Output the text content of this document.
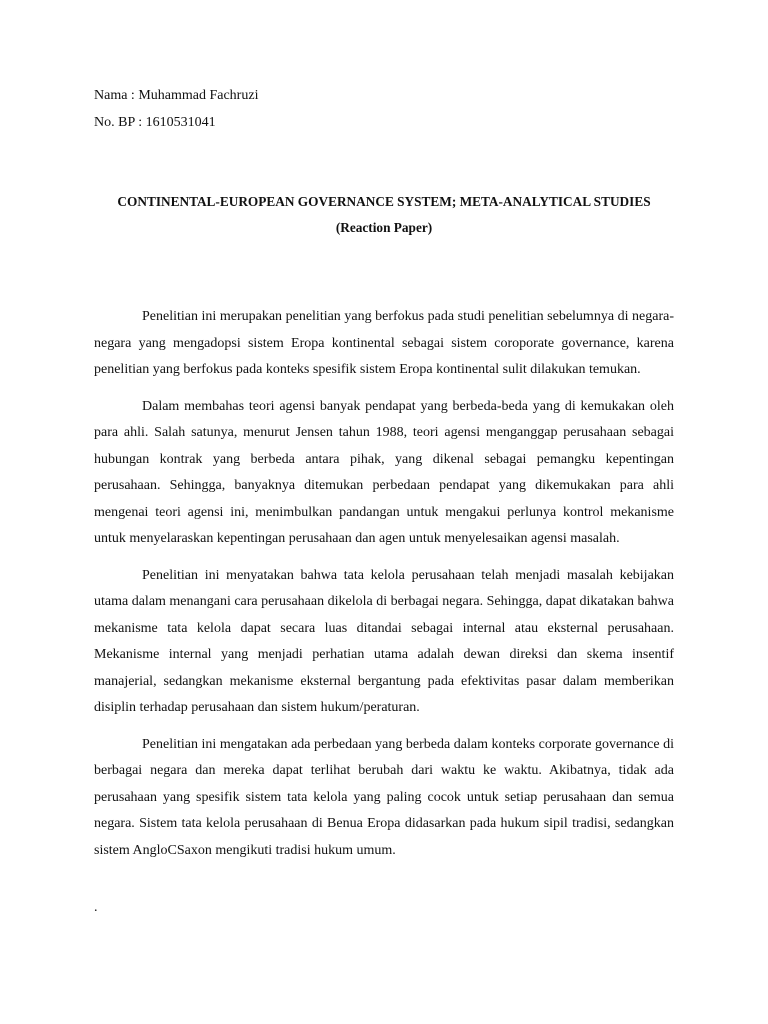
Nama : Muhammad Fachruzi
No. BP : 1610531041
CONTINENTAL-EUROPEAN GOVERNANCE SYSTEM; META-ANALYTICAL STUDIES
(Reaction Paper)

Penelitian ini merupakan penelitian yang berfokus pada studi penelitian sebelumnya di negara-negara yang mengadopsi sistem Eropa kontinental sebagai sistem coroporate governance, karena penelitian yang berfokus pada konteks spesifik sistem Eropa kontinental sulit dilakukan temukan.

Dalam membahas teori agensi banyak pendapat yang berbeda-beda yang di kemukakan oleh para ahli. Salah satunya, menurut Jensen tahun 1988, teori agensi menganggap perusahaan sebagai hubungan kontrak yang berbeda antara pihak, yang dikenal sebagai pemangku kepentingan perusahaan. Sehingga, banyaknya ditemukan perbedaan pendapat yang dikemukakan para ahli mengenai teori agensi ini, menimbulkan pandangan untuk mengakui perlunya kontrol mekanisme untuk menyelaraskan kepentingan perusahaan dan agen untuk menyelesaikan agensi masalah.

Penelitian ini menyatakan bahwa tata kelola perusahaan telah menjadi masalah kebijakan utama dalam menangani cara perusahaan dikelola di berbagai negara. Sehingga, dapat dikatakan bahwa mekanisme tata kelola dapat secara luas ditandai sebagai internal atau eksternal perusahaan. Mekanisme internal yang menjadi perhatian utama adalah dewan direksi dan skema insentif manajerial, sedangkan mekanisme eksternal bergantung pada efektivitas pasar dalam memberikan disiplin terhadap perusahaan dan sistem hukum/peraturan.

Penelitian ini mengatakan ada perbedaan yang berbeda dalam konteks corporate governance di berbagai negara dan mereka dapat terlihat berubah dari waktu ke waktu. Akibatnya, tidak ada perusahaan yang spesifik sistem tata kelola yang paling cocok untuk setiap perusahaan dan semua negara. Sistem tata kelola perusahaan di Benua Eropa didasarkan pada hukum sipil tradisi, sedangkan sistem AngloCSaxon mengikuti tradisi hukum umum.

.
